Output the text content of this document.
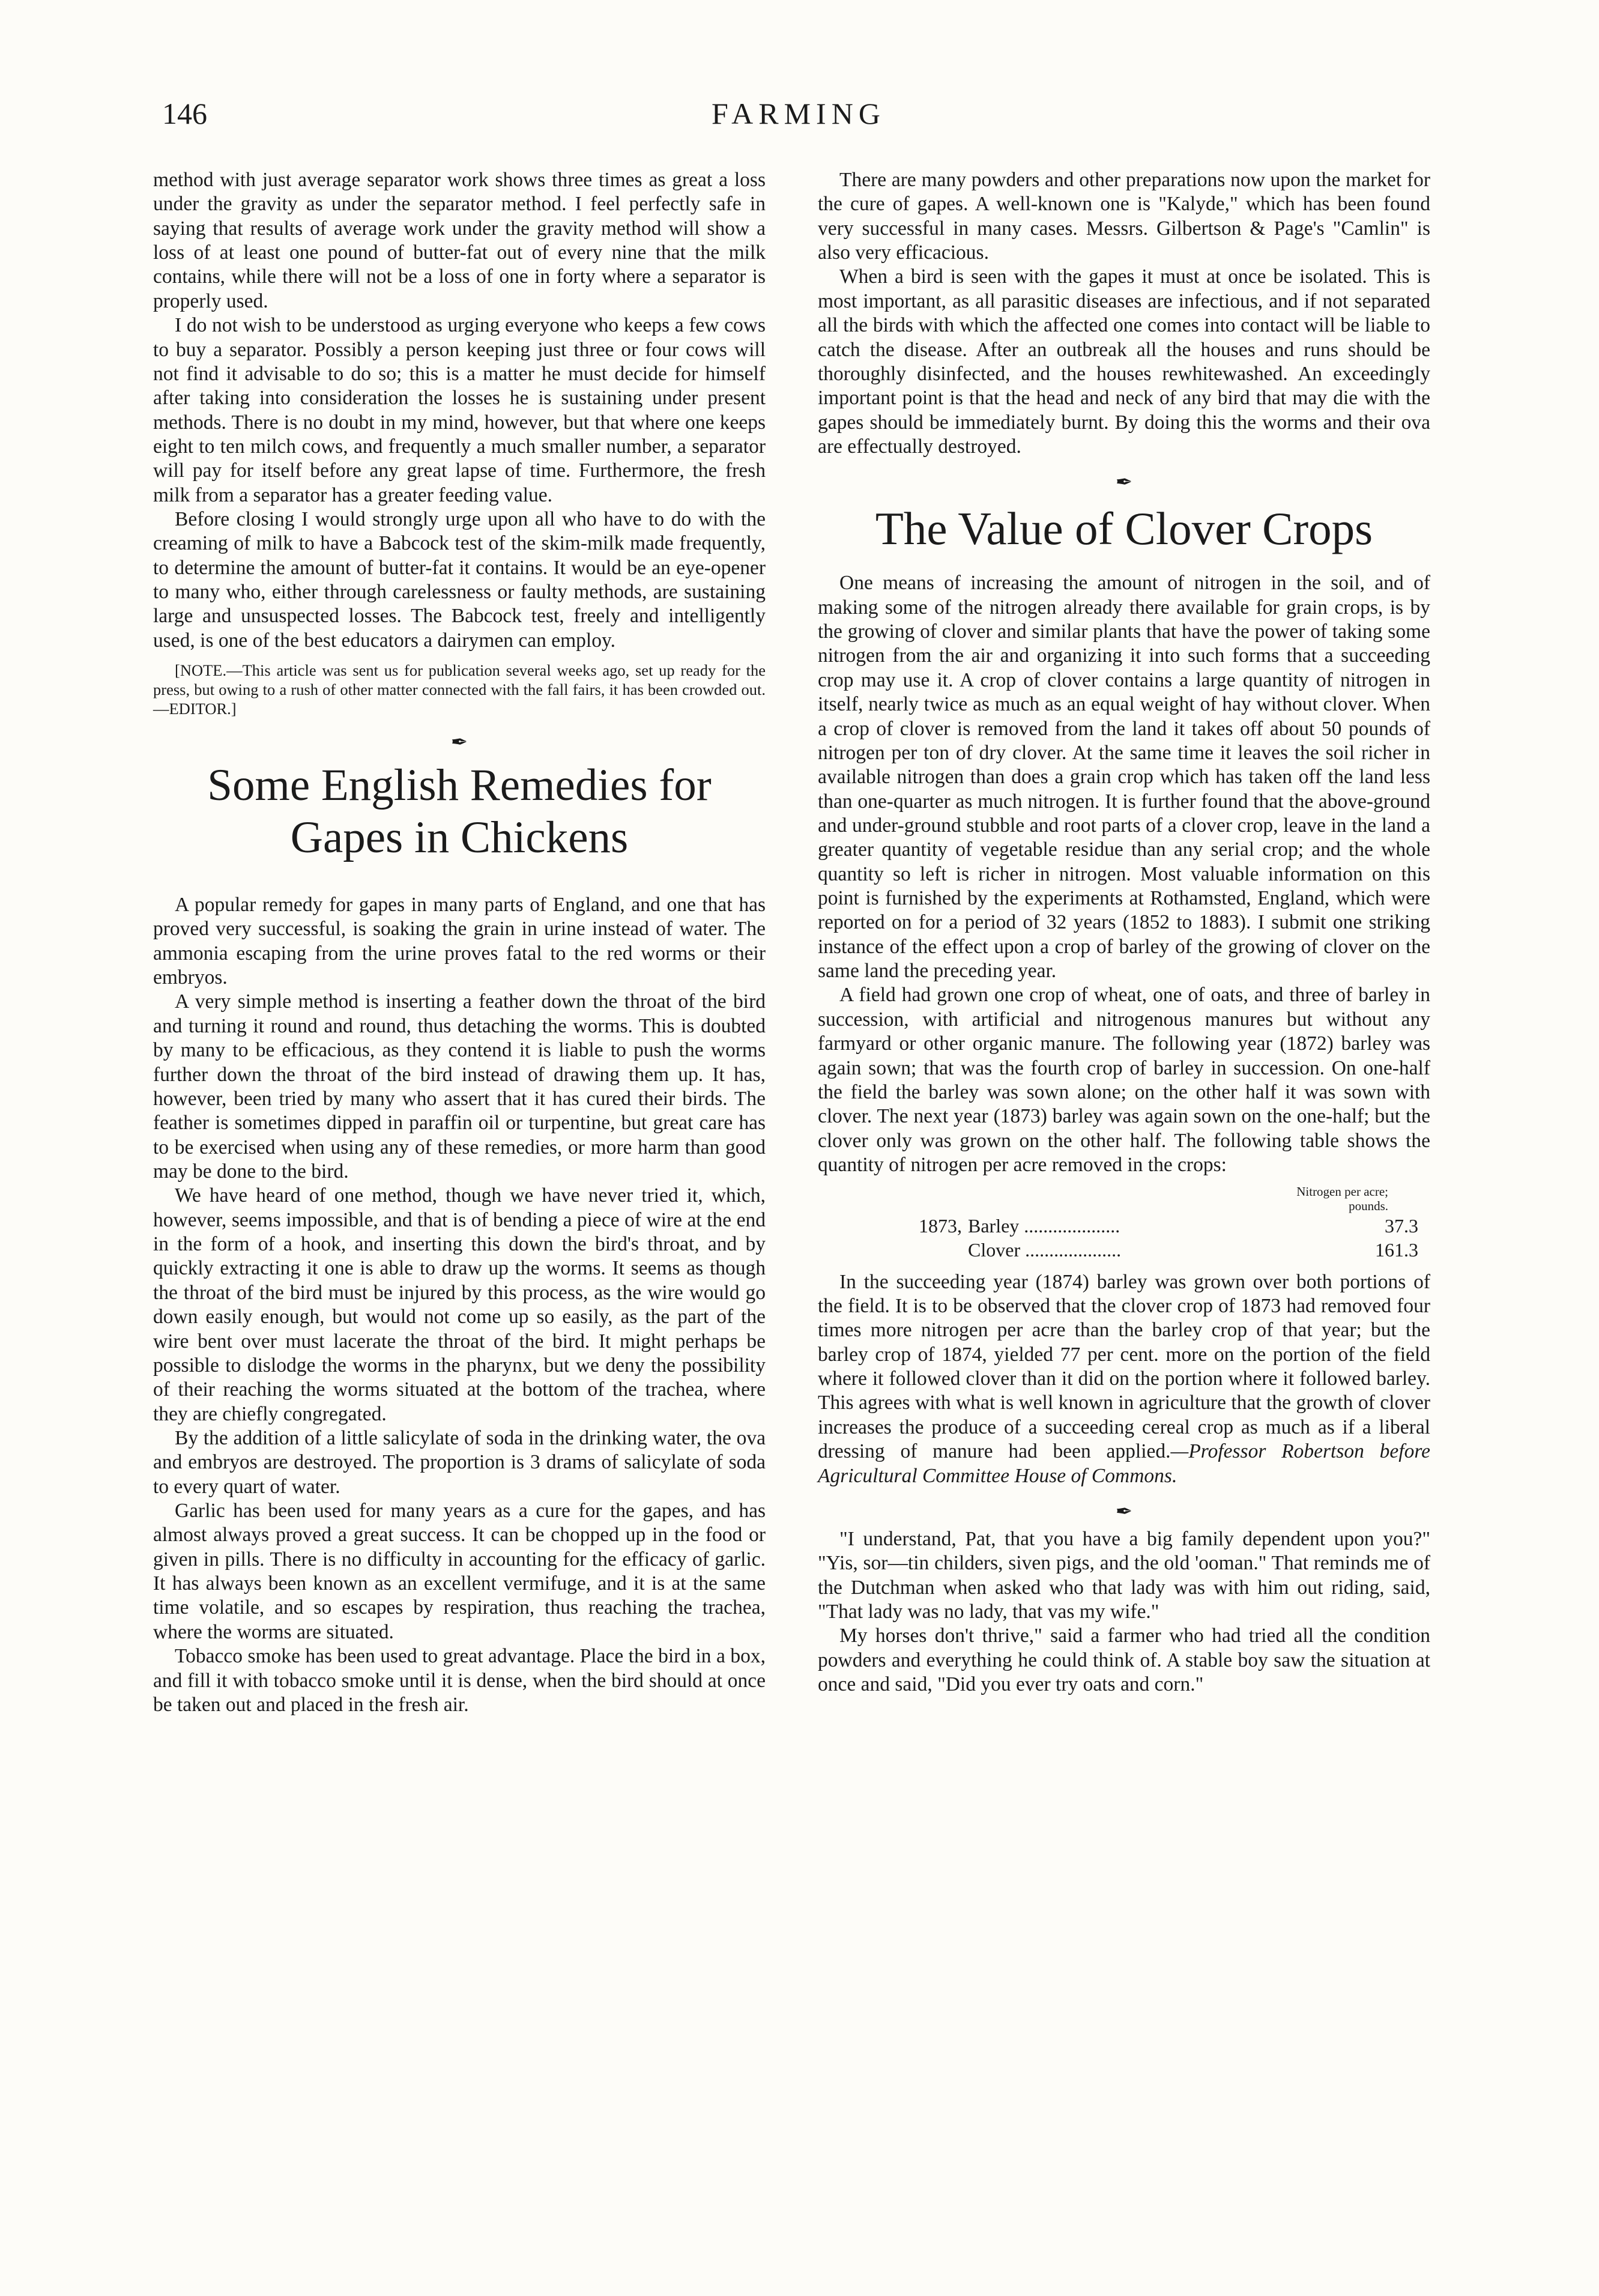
146	FARMING

method with just average separator work shows three times as great a loss under the gravity as under the separator method. I feel perfectly safe in saying that results of average work under the gravity method will show a loss of at least one pound of butter-fat out of every nine that the milk contains, while there will not be a loss of one in forty where a separator is properly used.

I do not wish to be understood as urging everyone who keeps a few cows to buy a separator. Possibly a person keeping just three or four cows will not find it advisable to do so; this is a matter he must decide for himself after taking into consideration the losses he is sustaining under present methods. There is no doubt in my mind, however, but that where one keeps eight to ten milch cows, and frequently a much smaller number, a separator will pay for itself before any great lapse of time. Furthermore, the fresh milk from a separator has a greater feeding value.

Before closing I would strongly urge upon all who have to do with the creaming of milk to have a Babcock test of the skim-milk made frequently, to determine the amount of butter-fat it contains. It would be an eye-opener to many who, either through carelessness or faulty methods, are sustaining large and unsuspected losses. The Babcock test, freely and intelligently used, is one of the best educators a dairymen can employ.

[NOTE.—This article was sent us for publication several weeks ago, set up ready for the press, but owing to a rush of other matter connected with the fall fairs, it has been crowded out.—EDITOR.]

✒
Some English Remedies for Gapes in Chickens

A popular remedy for gapes in many parts of England, and one that has proved very successful, is soaking the grain in urine instead of water. The ammonia escaping from the urine proves fatal to the red worms or their embryos.

A very simple method is inserting a feather down the throat of the bird and turning it round and round, thus detaching the worms. This is doubted by many to be efficacious, as they contend it is liable to push the worms further down the throat of the bird instead of drawing them up. It has, however, been tried by many who assert that it has cured their birds. The feather is sometimes dipped in paraffin oil or turpentine, but great care has to be exercised when using any of these remedies, or more harm than good may be done to the bird.

We have heard of one method, though we have never tried it, which, however, seems impossible, and that is of bending a piece of wire at the end in the form of a hook, and inserting this down the bird's throat, and by quickly extracting it one is able to draw up the worms. It seems as though the throat of the bird must be injured by this process, as the wire would go down easily enough, but would not come up so easily, as the part of the wire bent over must lacerate the throat of the bird. It might perhaps be possible to dislodge the worms in the pharynx, but we deny the possibility of their reaching the worms situated at the bottom of the trachea, where they are chiefly congregated.

By the addition of a little salicylate of soda in the drinking water, the ova and embryos are destroyed. The proportion is 3 drams of salicylate of soda to every quart of water.

Garlic has been used for many years as a cure for the gapes, and has almost always proved a great success. It can be chopped up in the food or given in pills. There is no difficulty in accounting for the efficacy of garlic. It has always been known as an excellent vermifuge, and it is at the same time volatile, and so escapes by respiration, thus reaching the trachea, where the worms are situated.

Tobacco smoke has been used to great advantage. Place the bird in a box, and fill it with tobacco smoke until it is dense, when the bird should at once be taken out and placed in the fresh air.

There are many powders and other preparations now upon the market for the cure of gapes. A well-known one is "Kalyde," which has been found very successful in many cases. Messrs. Gilbertson & Page's "Camlin" is also very efficacious.

When a bird is seen with the gapes it must at once be isolated. This is most important, as all parasitic diseases are infectious, and if not separated all the birds with which the affected one comes into contact will be liable to catch the disease. After an outbreak all the houses and runs should be thoroughly disinfected, and the houses rewhitewashed. An exceedingly important point is that the head and neck of any bird that may die with the gapes should be immediately burnt. By doing this the worms and their ova are effectually destroyed.

✒
The Value of Clover Crops

One means of increasing the amount of nitrogen in the soil, and of making some of the nitrogen already there available for grain crops, is by the growing of clover and similar plants that have the power of taking some nitrogen from the air and organizing it into such forms that a succeeding crop may use it. A crop of clover contains a large quantity of nitrogen in itself, nearly twice as much as an equal weight of hay without clover. When a crop of clover is removed from the land it takes off about 50 pounds of nitrogen per ton of dry clover. At the same time it leaves the soil richer in available nitrogen than does a grain crop which has taken off the land less than one-quarter as much nitrogen. It is further found that the above-ground and under-ground stubble and root parts of a clover crop, leave in the land a greater quantity of vegetable residue than any serial crop; and the whole quantity so left is richer in nitrogen. Most valuable information on this point is furnished by the experiments at Rothamsted, England, which were reported on for a period of 32 years (1852 to 1883). I submit one striking instance of the effect upon a crop of barley of the growing of clover on the same land the preceding year.

A field had grown one crop of wheat, one of oats, and three of barley in succession, with artificial and nitrogenous manures but without any farmyard or other organic manure. The following year (1872) barley was again sown; that was the fourth crop of barley in succession. On one-half the field the barley was sown alone; on the other half it was sown with clover. The next year (1873) barley was again sown on the one-half; but the clover only was grown on the other half. The following table shows the quantity of nitrogen per acre removed in the crops:

Nitrogen per acre;
pounds.
1873, Barley ....................	37.3
Clover ....................	161.3

In the succeeding year (1874) barley was grown over both portions of the field. It is to be observed that the clover crop of 1873 had removed four times more nitrogen per acre than the barley crop of that year; but the barley crop of 1874, yielded 77 per cent. more on the portion of the field where it followed clover than it did on the portion where it followed barley. This agrees with what is well known in agriculture that the growth of clover increases the produce of a succeeding cereal crop as much as if a liberal dressing of manure had been applied.—Professor Robertson before Agricultural Committee House of Commons.

✒

"I understand, Pat, that you have a big family dependent upon you?" "Yis, sor—tin childers, siven pigs, and the old 'ooman." That reminds me of the Dutchman when asked who that lady was with him out riding, said, "That lady was no lady, that vas my wife."

My horses don't thrive," said a farmer who had tried all the condition powders and everything he could think of. A stable boy saw the situation at once and said, "Did you ever try oats and corn."
